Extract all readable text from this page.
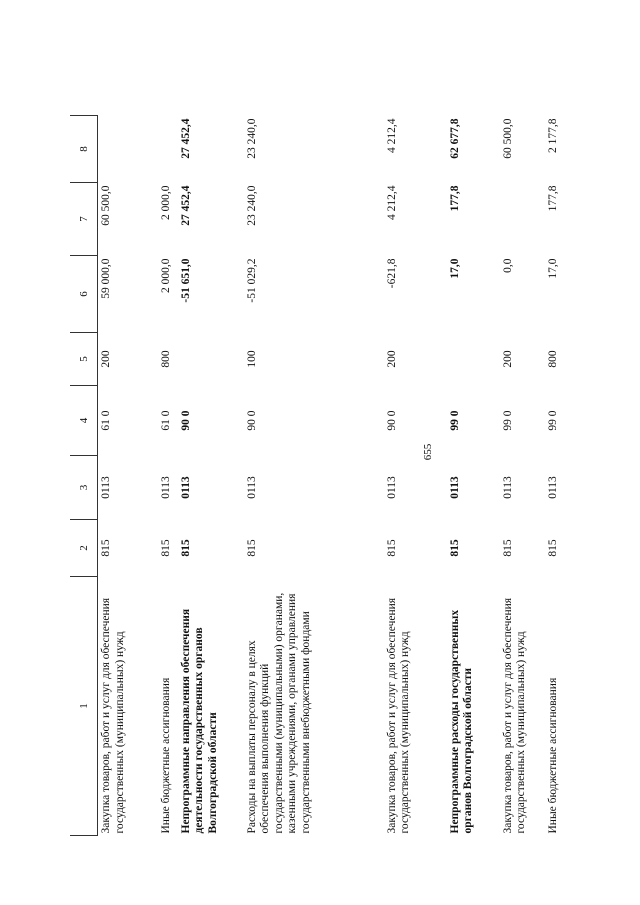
655
1	2	3	4	5	6	7	8
Закупка товаров, работ и услуг для обеспечения государственных (муниципальных) нужд	815	0113	61 0	200	59 000,0	60 500,0	
Иные бюджетные ассигнования	815	0113	61 0	800	2 000,0	2 000,0	
Непрограммные направления обеспечения деятельности государственных органов Волгоградской области	815	0113	90 0		-51 651,0	27 452,4	27 452,4
Расходы на выплаты персоналу в целях обеспечения выполнения функций государственными (муниципальными) органами, казенными учреждениями, органами управления государственными внебюджетными фондами	815	0113	90 0	100	-51 029,2	23 240,0	23 240,0
Закупка товаров, работ и услуг для обеспечения государственных (муниципальных) нужд	815	0113	90 0	200	-621,8	4 212,4	4 212,4
Непрограммные расходы государственных органов Волгоградской области	815	0113	99 0		17,0	177,8	62 677,8
Закупка товаров, работ и услуг для обеспечения государственных (муниципальных) нужд	815	0113	99 0	200	0,0		60 500,0
Иные бюджетные ассигнования	815	0113	99 0	800	17,0	177,8	2 177,8
